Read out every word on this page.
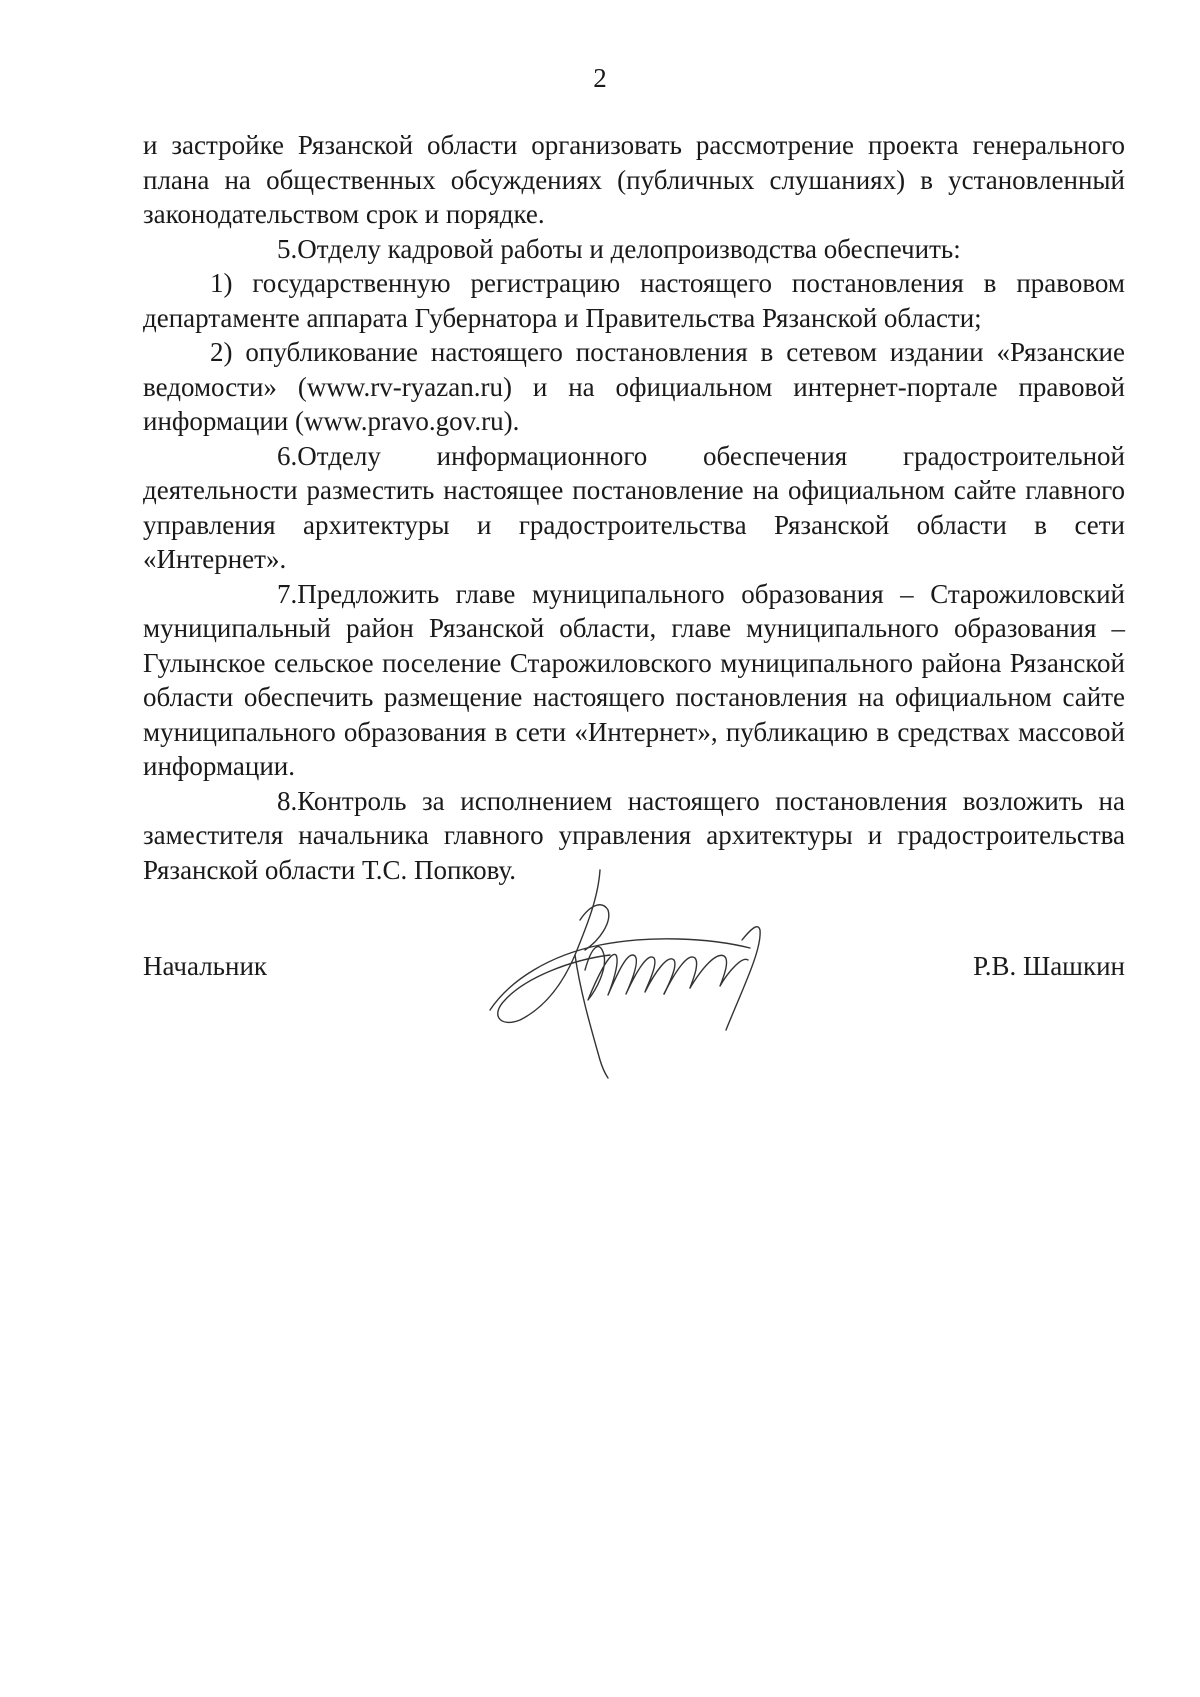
2

и застройке Рязанской области организовать рассмотрение проекта генерального плана на общественных обсуждениях (публичных слушаниях) в установленный законодательством срок и порядке.

5.Отделу кадровой работы и делопроизводства обеспечить:

1) государственную регистрацию настоящего постановления в правовом департаменте аппарата Губернатора и Правительства Рязанской области;

2) опубликование настоящего постановления в сетевом издании «Рязанские ведомости» (www.rv-ryazan.ru) и на официальном интернет-портале правовой информации (www.pravo.gov.ru).

6.Отделу информационного обеспечения градостроительной деятельности разместить настоящее постановление на официальном сайте главного управления архитектуры и градостроительства Рязанской области в сети «Интернет».

7.Предложить главе муниципального образования – Старожиловский муниципальный район Рязанской области, главе муниципального образования – Гулынское сельское поселение Старожиловского муниципального района Рязанской области обеспечить размещение настоящего постановления на официальном сайте муниципального образования в сети «Интернет», публикацию в средствах массовой информации.

8.Контроль за исполнением настоящего постановления возложить на заместителя начальника главного управления архитектуры и градостроительства Рязанской области Т.С. Попкову.

Начальник	Р.В. Шашкин
